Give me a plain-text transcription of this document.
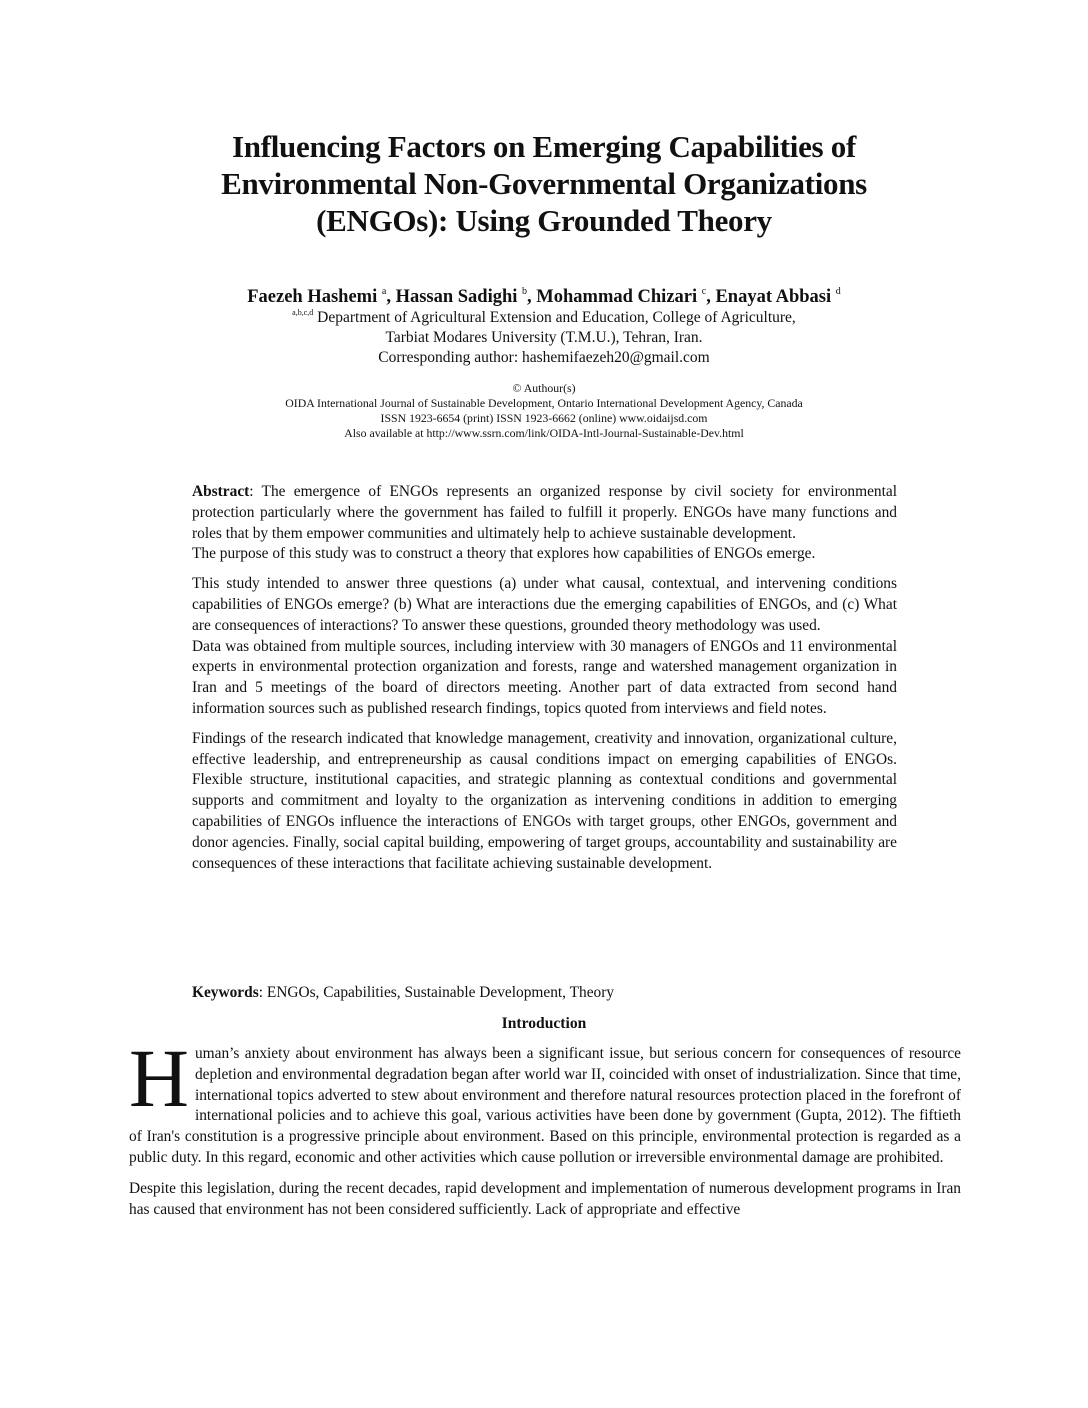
Influencing Factors on Emerging Capabilities of
Environmental Non-Governmental Organizations
(ENGOs): Using Grounded Theory
Faezeh Hashemi $^a$, Hassan Sadighi $^b$, Mohammad Chizari $^c$, Enayat Abbasi $^d$
$^{a,b,c,d}$ Department of Agricultural Extension and Education, College of Agriculture,
Tarbiat Modares University (T.M.U.), Tehran, Iran.
Corresponding author: hashemifaezeh20@gmail.com
© Authour(s)
OIDA International Journal of Sustainable Development, Ontario International Development Agency, Canada
ISSN 1923-6654 (print) ISSN 1923-6662 (online) www.oidaijsd.com
Also available at http://www.ssrn.com/link/OIDA-Intl-Journal-Sustainable-Dev.html

Abstract: The emergence of ENGOs represents an organized response by civil society for environmental protection particularly where the government has failed to fulfill it properly. ENGOs have many functions and roles that by them empower communities and ultimately help to achieve sustainable development.

The purpose of this study was to construct a theory that explores how capabilities of ENGOs emerge.

This study intended to answer three questions (a) under what causal, contextual, and intervening conditions capabilities of ENGOs emerge? (b) What are interactions due the emerging capabilities of ENGOs, and (c) What are consequences of interactions? To answer these questions, grounded theory methodology was used.

Data was obtained from multiple sources, including interview with 30 managers of ENGOs and 11 environmental experts in environmental protection organization and forests, range and watershed management organization in Iran and 5 meetings of the board of directors meeting. Another part of data extracted from second hand information sources such as published research findings, topics quoted from interviews and field notes.

Findings of the research indicated that knowledge management, creativity and innovation, organizational culture, effective leadership, and entrepreneurship as causal conditions impact on emerging capabilities of ENGOs. Flexible structure, institutional capacities, and strategic planning as contextual conditions and governmental supports and commitment and loyalty to the organization as intervening conditions in addition to emerging capabilities of ENGOs influence the interactions of ENGOs with target groups, other ENGOs, government and donor agencies. Finally, social capital building, empowering of target groups, accountability and sustainability are consequences of these interactions that facilitate achieving sustainable development.

Keywords: ENGOs, Capabilities, Sustainable Development, Theory
Introduction

Human’s anxiety about environment has always been a significant issue, but serious concern for consequences of resource depletion and environmental degradation began after world war II, coincided with onset of industrialization. Since that time, international topics adverted to stew about environment and therefore natural resources protection placed in the forefront of international policies and to achieve this goal, various activities have been done by government (Gupta, 2012). The fiftieth of Iran's constitution is a progressive principle about environment. Based on this principle, environmental protection is regarded as a public duty. In this regard, economic and other activities which cause pollution or irreversible environmental damage are prohibited.

Despite this legislation, during the recent decades, rapid development and implementation of numerous development programs in Iran has caused that environment has not been considered sufficiently. Lack of appropriate and effective
